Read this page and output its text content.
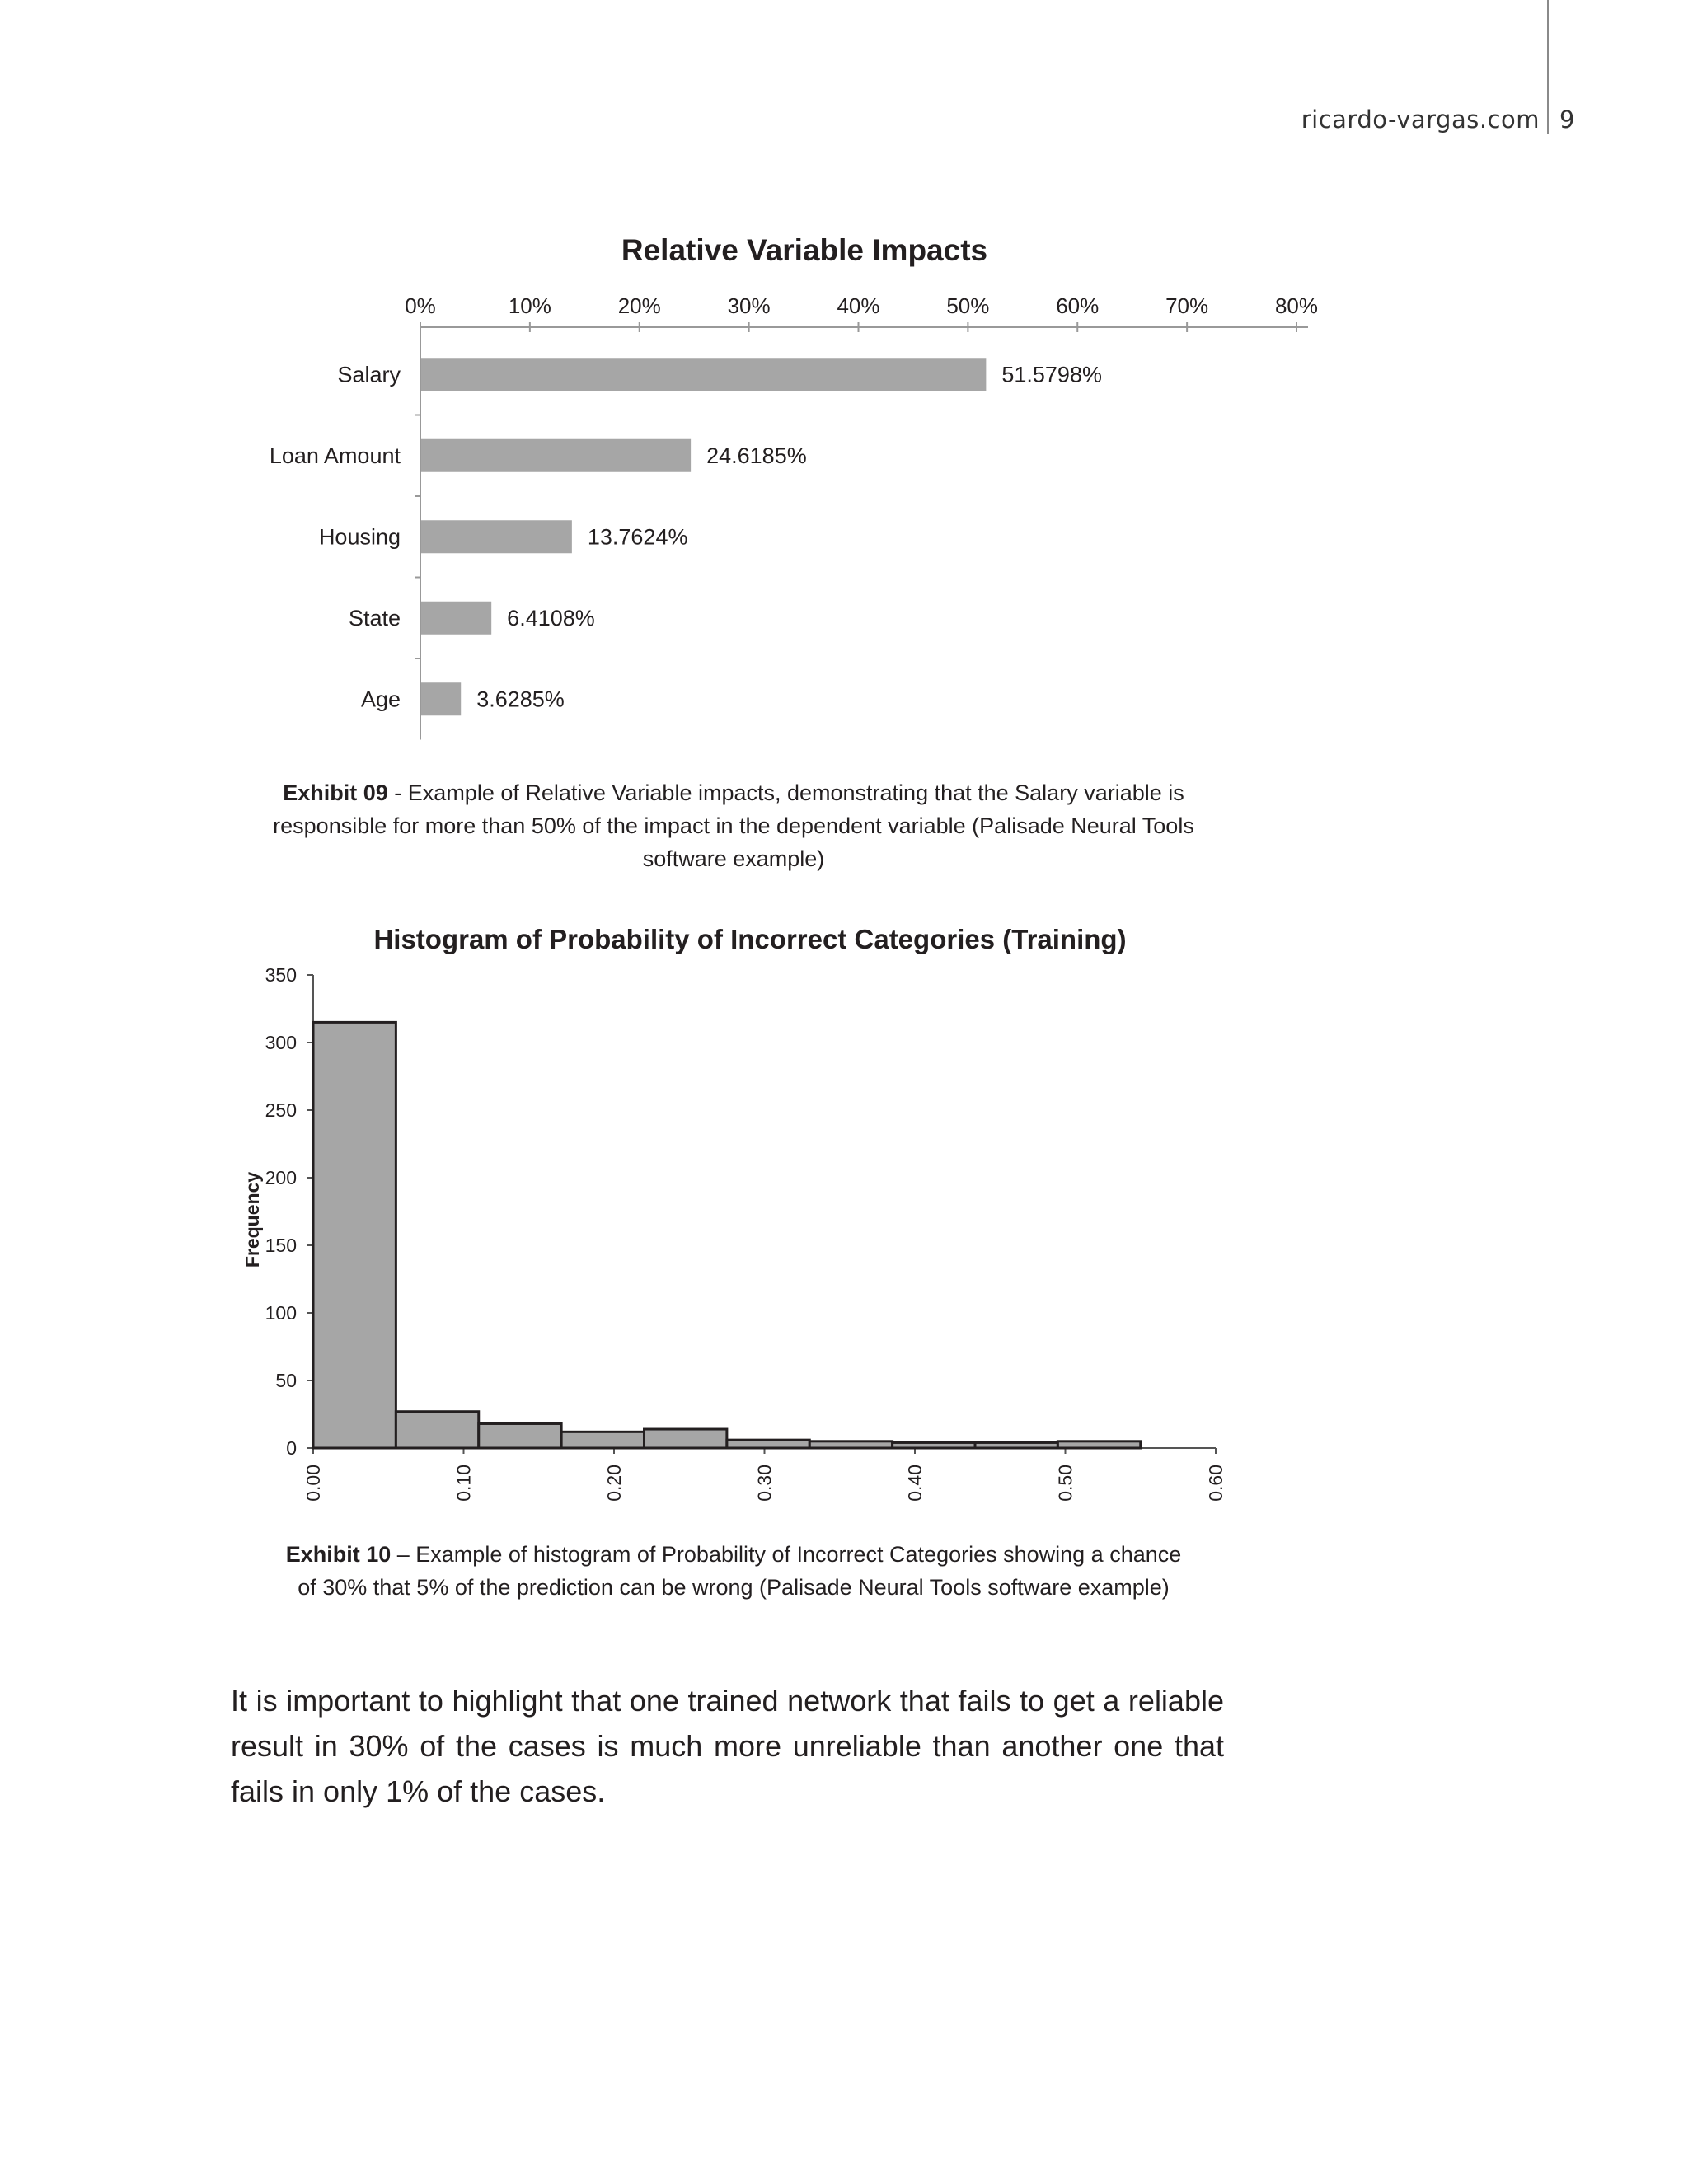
ricardo-vargas.com 9
Relative Variable Impacts
0%	10%	20%	30%	40%	50%	60%	70%	80%
Salary	51.5798%
Loan Amount	24.6185%
Housing	13.7624%
State	6.4108%
Age	3.6285%
Exhibit 09 - Example of Relative Variable impacts, demonstrating that the Salary variable is responsible for more than 50% of the impact in the dependent variable (Palisade Neural Tools software example)
Histogram of Probability of Incorrect Categories (Training)
Frequency
0
50
100
150
200
250
300
350
0.00	0.10	0.20	0.30	0.40	0.50	0.60
Exhibit 10 – Example of histogram of Probability of Incorrect Categories showing a chance of 30% that 5% of the prediction can be wrong (Palisade Neural Tools software example)

It is important to highlight that one trained network that fails to get a reliable result in 30% of the cases is much more unreliable than another one that fails in only 1% of the cases.
